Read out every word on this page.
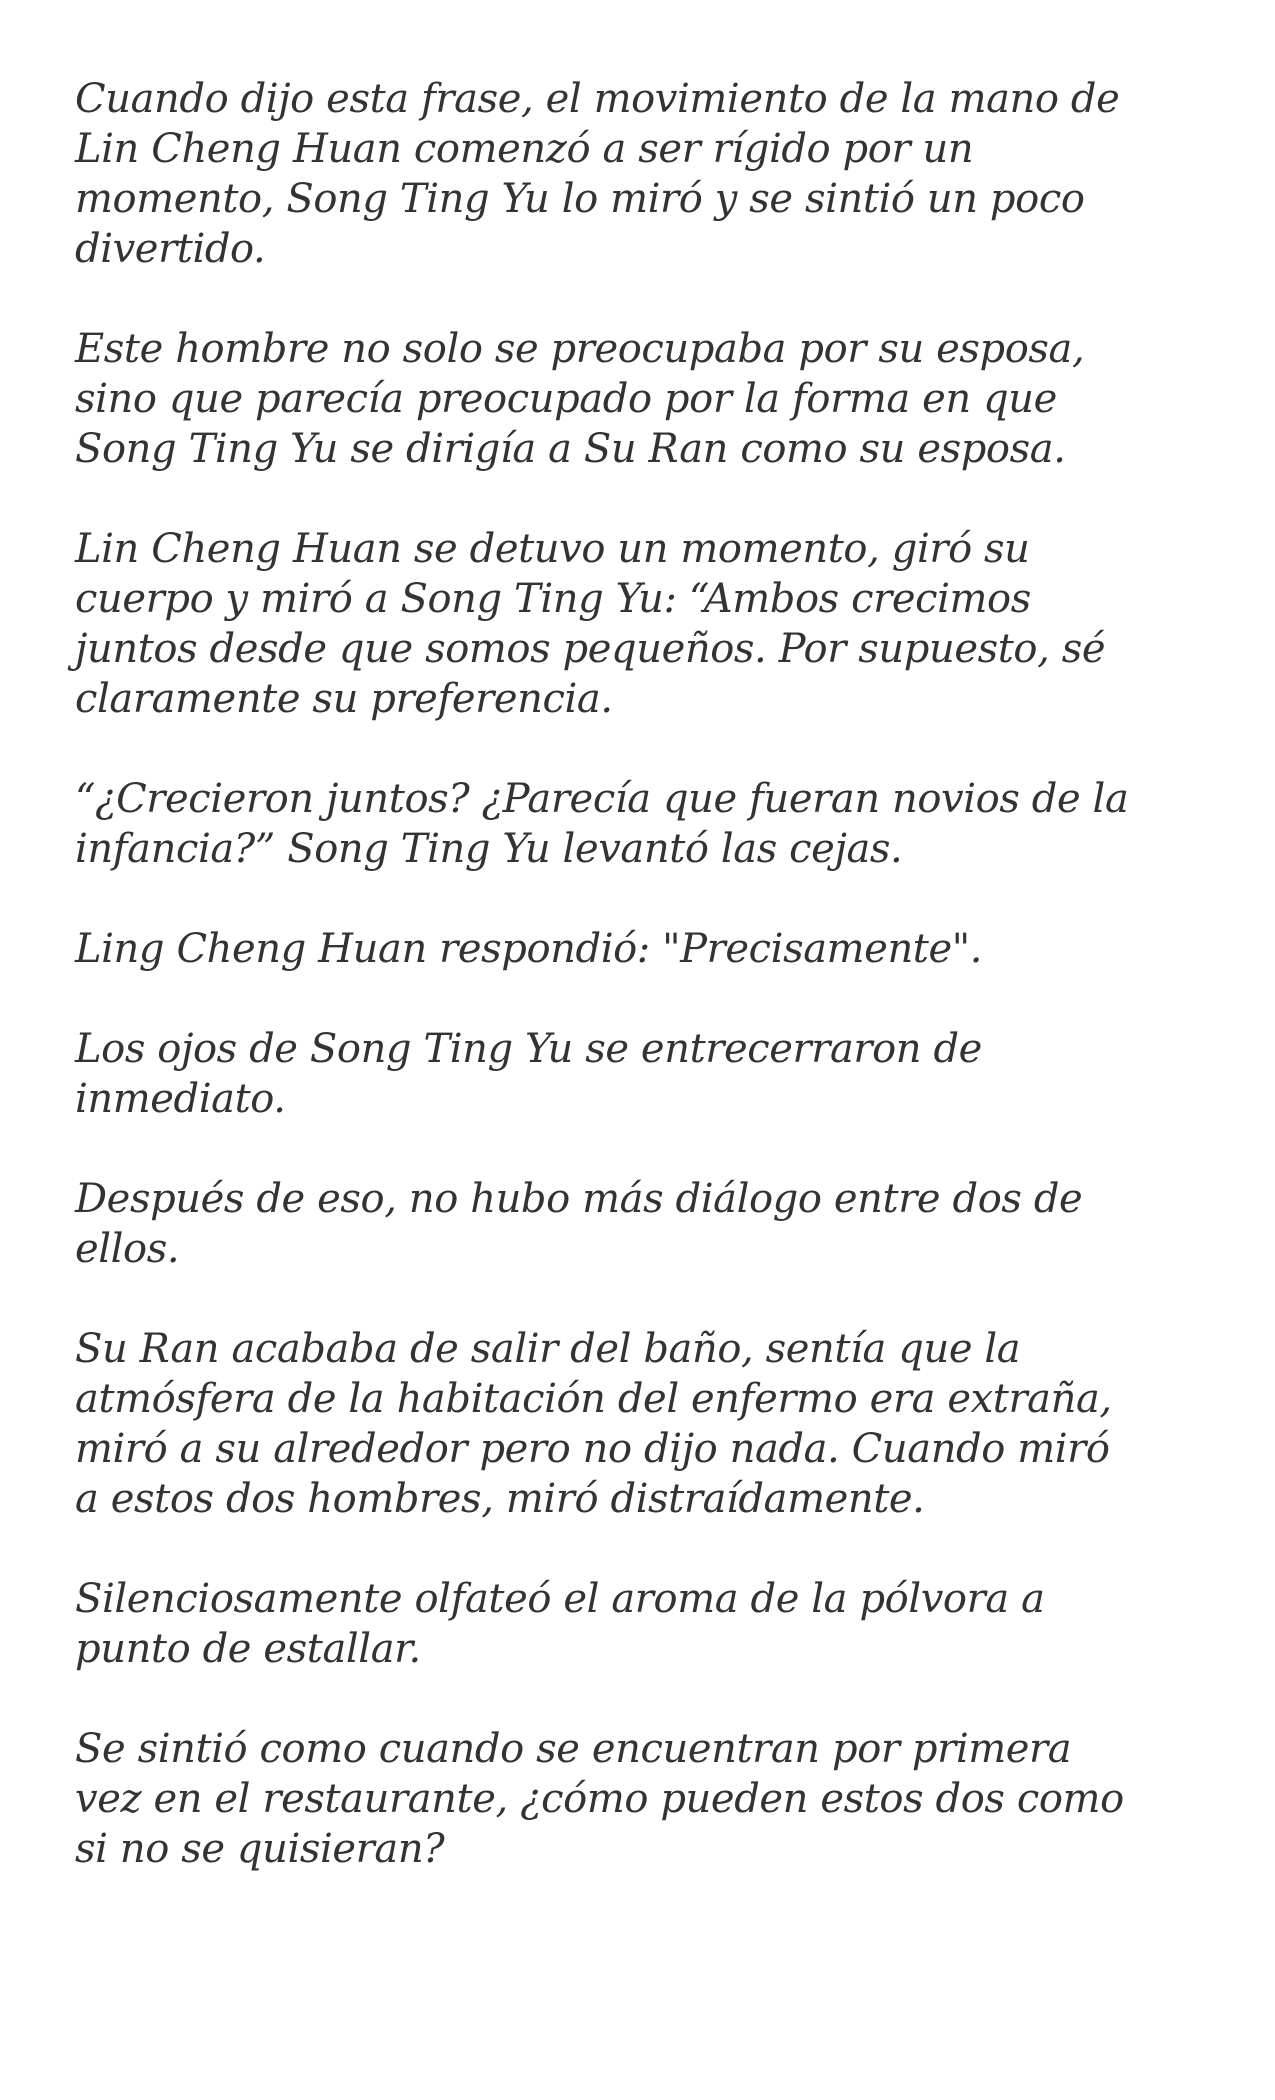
Cuando dijo esta frase, el movimiento de la mano de
Lin Cheng Huan comenzó a ser rígido por un
momento, Song Ting Yu lo miró y se sintió un poco
divertido.

Este hombre no solo se preocupaba por su esposa,
sino que parecía preocupado por la forma en que
Song Ting Yu se dirigía a Su Ran como su esposa.

Lin Cheng Huan se detuvo un momento, giró su
cuerpo y miró a Song Ting Yu: “Ambos crecimos
juntos desde que somos pequeños. Por supuesto, sé
claramente su preferencia.

“¿Crecieron juntos? ¿Parecía que fueran novios de la
infancia?” Song Ting Yu levantó las cejas.

Ling Cheng Huan respondió: "Precisamente".

Los ojos de Song Ting Yu se entrecerraron de
inmediato.

Después de eso, no hubo más diálogo entre dos de
ellos.

Su Ran acababa de salir del baño, sentía que la
atmósfera de la habitación del enfermo era extraña,
miró a su alrededor pero no dijo nada. Cuando miró
a estos dos hombres, miró distraídamente.

Silenciosamente olfateó el aroma de la pólvora a
punto de estallar.

Se sintió como cuando se encuentran por primera
vez en el restaurante, ¿cómo pueden estos dos como
si no se quisieran?
